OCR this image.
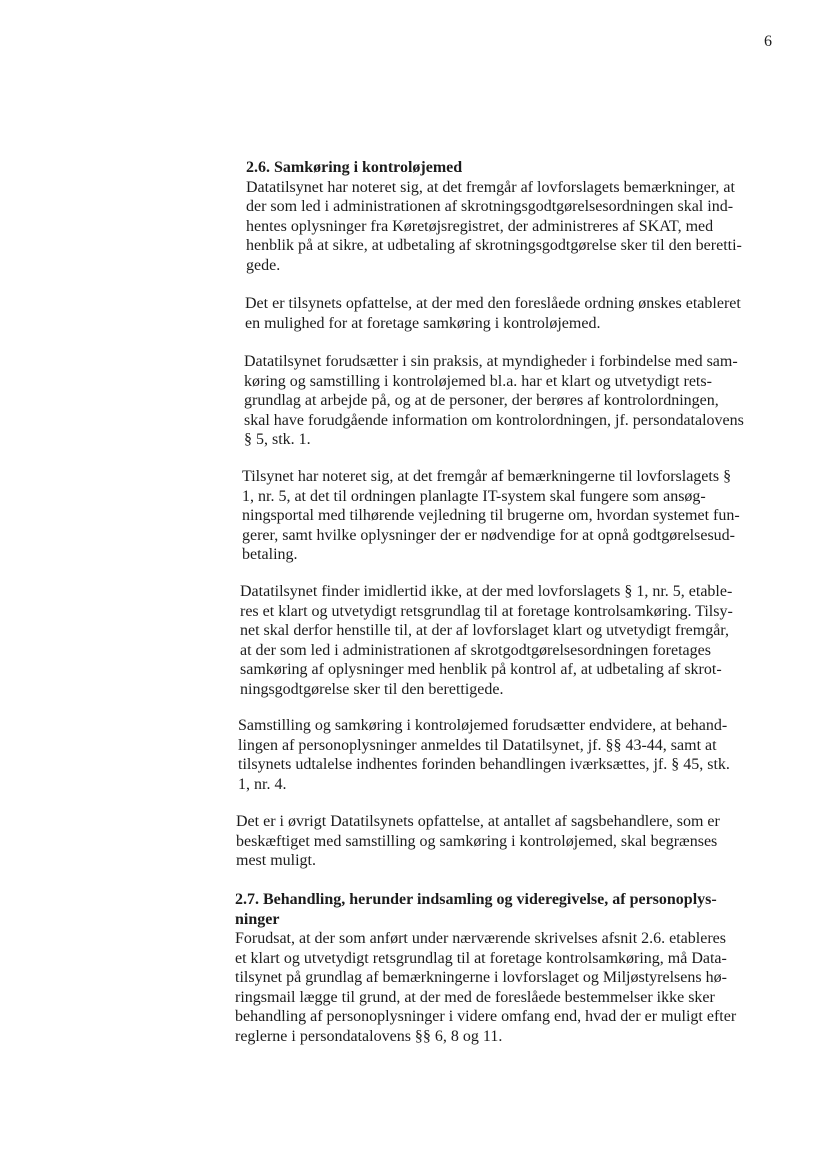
6

2.6. Samkøring i kontroløjemed

Datatilsynet har noteret sig, at det fremgår af lovforslagets bemærkninger, at
der som led i administrationen af skrotningsgodtgørelsesordningen skal ind-
hentes oplysninger fra Køretøjsregistret, der administreres af SKAT, med
henblik på at sikre, at udbetaling af skrotningsgodtgørelse sker til den beretti-
gede.

Det er tilsynets opfattelse, at der med den foreslåede ordning ønskes etableret
en mulighed for at foretage samkøring i kontroløjemed.

Datatilsynet forudsætter i sin praksis, at myndigheder i forbindelse med sam-
køring og samstilling i kontroløjemed bl.a. har et klart og utvetydigt rets-
grundlag at arbejde på, og at de personer, der berøres af kontrolordningen,
skal have forudgående information om kontrolordningen, jf. persondatalovens
§ 5, stk. 1.

Tilsynet har noteret sig, at det fremgår af bemærkningerne til lovforslagets §
1, nr. 5, at det til ordningen planlagte IT-system skal fungere som ansøg-
ningsportal med tilhørende vejledning til brugerne om, hvordan systemet fun-
gerer, samt hvilke oplysninger der er nødvendige for at opnå godtgørelsesud-
betaling.

Datatilsynet finder imidlertid ikke, at der med lovforslagets § 1, nr. 5, etable-
res et klart og utvetydigt retsgrundlag til at foretage kontrolsamkøring. Tilsy-
net skal derfor henstille til, at der af lovforslaget klart og utvetydigt fremgår,
at der som led i administrationen af skrotgodtgørelsesordningen foretages
samkøring af oplysninger med henblik på kontrol af, at udbetaling af skrot-
ningsgodtgørelse sker til den berettigede.

Samstilling og samkøring i kontroløjemed forudsætter endvidere, at behand-
lingen af personoplysninger anmeldes til Datatilsynet, jf. §§ 43-44, samt at
tilsynets udtalelse indhentes forinden behandlingen iværksættes, jf. § 45, stk.
1, nr. 4.

Det er i øvrigt Datatilsynets opfattelse, at antallet af sagsbehandlere, som er
beskæftiget med samstilling og samkøring i kontroløjemed, skal begrænses
mest muligt.

2.7. Behandling, herunder indsamling og videregivelse, af personoplys-
ninger

Forudsat, at der som anført under nærværende skrivelses afsnit 2.6. etableres
et klart og utvetydigt retsgrundlag til at foretage kontrolsamkøring, må Data-
tilsynet på grundlag af bemærkningerne i lovforslaget og Miljøstyrelsens hø-
ringsmail lægge til grund, at der med de foreslåede bestemmelser ikke sker
behandling af personoplysninger i videre omfang end, hvad der er muligt efter
reglerne i persondatalovens §§ 6, 8 og 11.
